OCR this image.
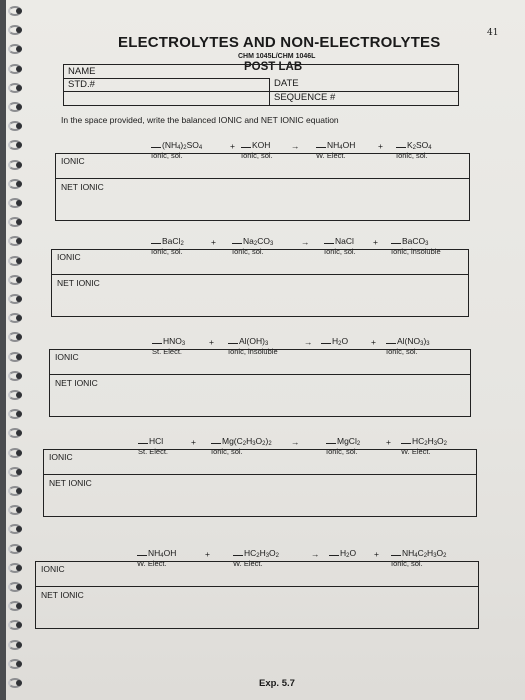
41
ELECTROLYTES AND NON-ELECTROLYTES
CHM 1045L/CHM 1046L
POST LAB
NAME
STD.#	DATE
SEQUENCE #
In the space provided, write the balanced IONIC and NET IONIC equation
$(NH_4)_2SO_4$
Ionic, sol.
KOH
Ionic, sol.
$NH_4OH$
W. Elect.
$K_2SO_4$
Ionic, sol.
+	→	+
IONIC
NET IONIC
BaCl$_2$
Ionic, sol.
$Na_2CO_3$
Ionic, sol.
NaCl
Ionic, sol.
BaCO$_3$
Ionic, insoluble
+	→	+
IONIC
NET IONIC
$HNO_3$
St. Elect.
$Al(OH)_3$
Ionic, insoluble
$H_2O$	$Al(NO_3)_3$
Ionic, sol.
+	→	+
IONIC
NET IONIC
HCl
St. Elect.
$Mg(C_2H_3O_2)_2$
Ionic, sol.
MgCl$_2$
Ionic, sol.
$HC_2H_3O_2$
W. Elect.
+	→	+
IONIC
NET IONIC
$NH_4OH$
W. Elect.
$HC_2H_3O_2$
W. Elect.
$H_2O$	$NH_4C_2H_3O_2$
Ionic, sol.
+	→	+
IONIC
NET IONIC
Exp. 5.7
